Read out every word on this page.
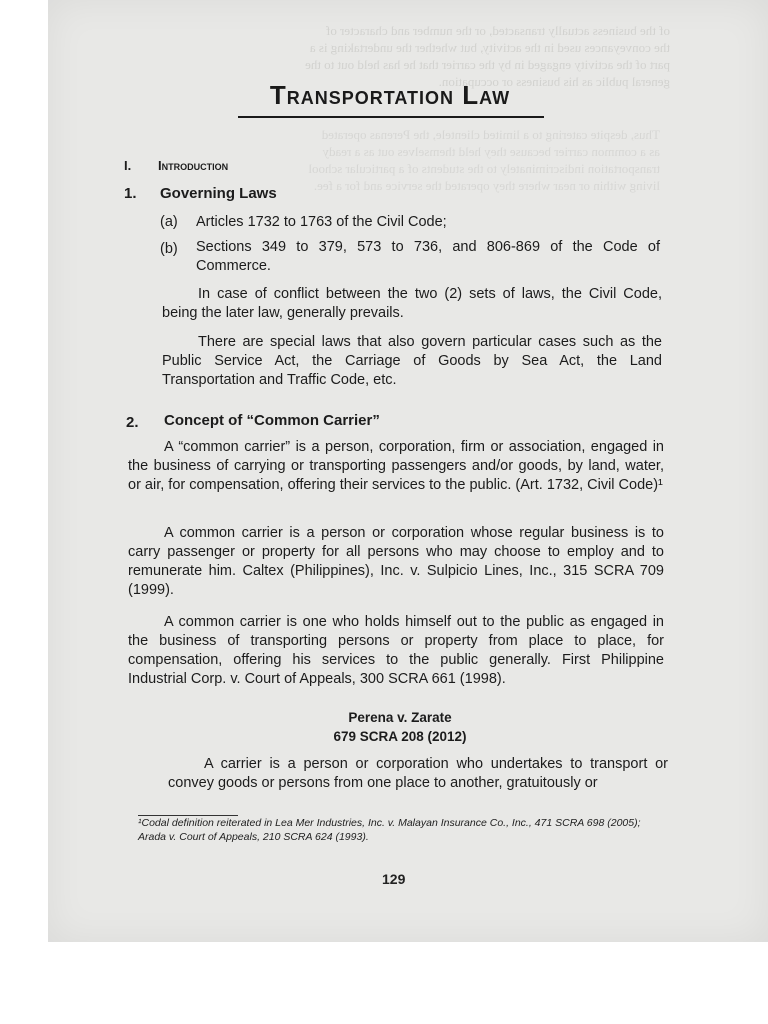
of the business actually transacted, or the number and character of
the conveyances used in the activity, but whether the undertaking is a
part of the activity engaged in by the carrier that he has held out to the
general public as his business or occupation.
Thus, despite catering to a limited clientele, the Perenas operated
as a common carrier because they held themselves out as a ready
transportation indiscriminately to the students of a particular school
living within or near where they operated the service and for a fee.
Transportation Law
I. Introduction
1. Governing Laws
(a) Articles 1732 to 1763 of the Civil Code;
(b) Sections 349 to 379, 573 to 736, and 806-869 of the Code of Commerce.
In case of conflict between the two (2) sets of laws, the Civil Code, being the later law, generally prevails.
There are special laws that also govern particular cases such as the Public Service Act, the Carriage of Goods by Sea Act, the Land Transportation and Traffic Code, etc.
2. Concept of “Common Carrier”
A “common carrier” is a person, corporation, firm or association, engaged in the business of carrying or transporting passengers and/or goods, by land, water, or air, for compensation, offering their services to the public. (Art. 1732, Civil Code)¹
A common carrier is a person or corporation whose regular business is to carry passenger or property for all persons who may choose to employ and to remunerate him. Caltex (Philippines), Inc. v. Sulpicio Lines, Inc., 315 SCRA 709 (1999).
A common carrier is one who holds himself out to the public as engaged in the business of transporting persons or property from place to place, for compensation, offering his services to the public generally. First Philippine Industrial Corp. v. Court of Appeals, 300 SCRA 661 (1998).
Perena v. Zarate
679 SCRA 208 (2012)
A carrier is a person or corporation who undertakes to transport or convey goods or persons from one place to another, gratuitously or
¹Codal definition reiterated in Lea Mer Industries, Inc. v. Malayan Insurance Co., Inc., 471 SCRA 698 (2005); Arada v. Court of Appeals, 210 SCRA 624 (1993).
129
